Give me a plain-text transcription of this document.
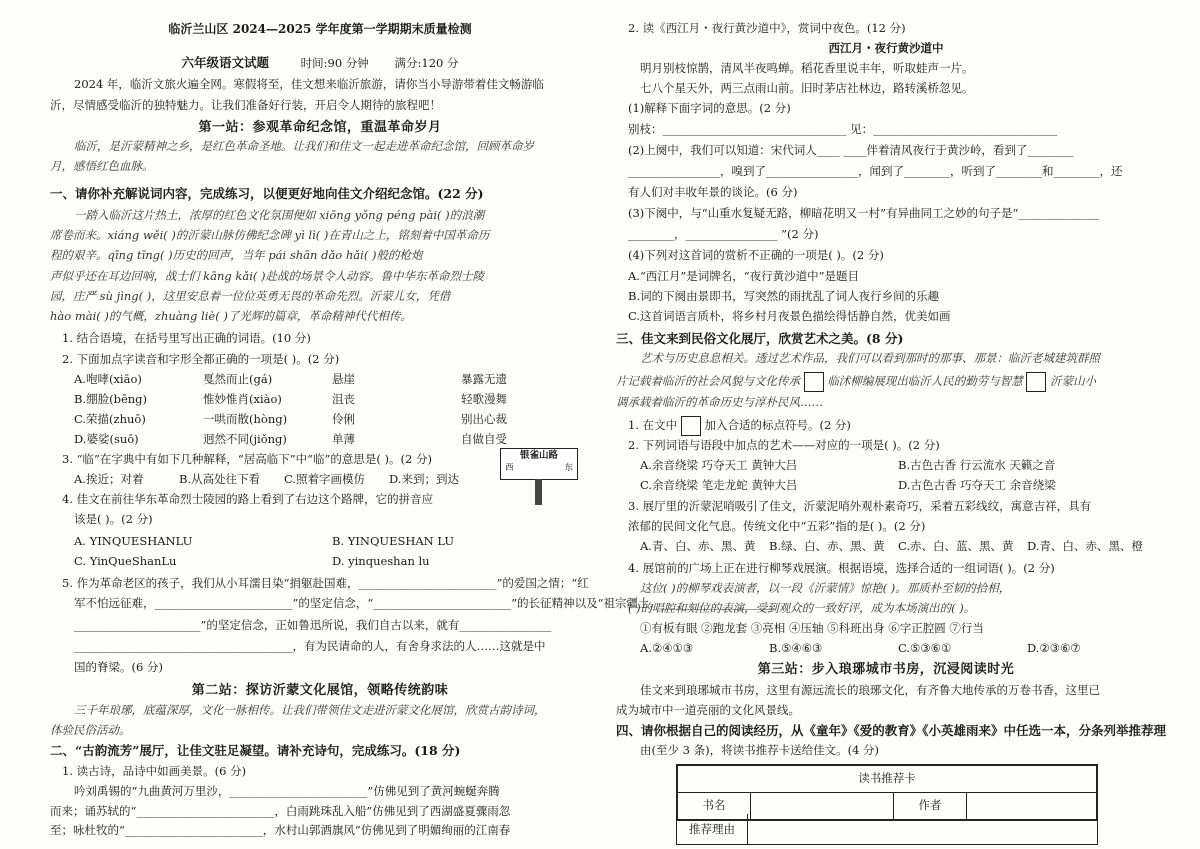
临沂兰山区 2024—2025 学年度第一学期期末质量检测
六年级语文试题	时间:90 分钟 满分:120 分
2024 年，临沂文旅火遍全网。寒假将至，佳文想来临沂旅游，请你当小导游带着佳文畅游临
沂，尽情感受临沂的独特魅力。让我们准备好行装，开启令人期待的旅程吧！
第一站：参观革命纪念馆，重温革命岁月
临沂，是沂蒙精神之乡，是红色革命圣地。让我们和佳文一起走进革命纪念馆，回顾革命岁
月，感悟红色血脉。
一、请你补充解说词内容，完成练习，以便更好地向佳文介绍纪念馆。(22 分)
一踏入临沂这片热土，浓厚的红色文化氛围便如 xiōng yǒng péng pài( )的浪潮
席卷而来。xiáng wěi( )的沂蒙山脉仿佛纪念碑 yì lì( )在青山之上，铭刻着中国革命历
程的艰辛。qīng tīng( )历史的回声，当年 pái shān dǎo hǎi( )般的枪炮
声似乎还在耳边回响，战士们 kāng kǎi( )赴战的场景令人动容。鲁中华东革命烈士陵
园，庄严 sù jìng( )，这里安息着一位位英勇无畏的革命先烈。沂蒙儿女，凭借
hào mài( )的气概，zhuàng liè( )了光辉的篇章，革命精神代代相传。
1. 结合语境，在括号里写出正确的词语。(10 分)
2. 下面加点字读音和字形全都正确的一项是( )。(2 分)
A.咆哮(xiāo)	戛然而止(gá)	悬崖	暴露无遗
B.绷脸(bēng)	惟妙惟肖(xiào)	沮丧	轻歌漫舞
C.荣描(zhuō)	一哄而散(hòng)	伶俐	别出心裁
D.婆娑(suō)	迥然不同(jiǒng)	单薄	自做自受
3. “临”在字典中有如下几种解释，“居高临下”中“临”的意思是( )。(2 分)
A.挨近；对着	B.从高处往下看	C.照着字画模仿	D.来到；到达
4. 佳文在前往华东革命烈士陵园的路上看到了右边这个路牌，它的拼音应
该是( )。(2 分)
银雀山路
西	东
A. YINQUESHANLU	B. YINQUESHAN LU
C. YinQueShanLu	D. yinqueshan lu
5. 作为革命老区的孩子，我们从小耳濡目染“捐躯赴国难，________________________”的爱国之情；“红
军不怕远征难，________________________”的坚定信念，“________________________”的长征精神以及“祖宗疆土，____________________
______________________”的坚定信念，正如鲁迅所说，我们自古以来，就有________________
______________________________________，有为民请命的人，有舍身求法的人……这就是中
国的脊梁。(6 分)
第二站：探访沂蒙文化展馆，领略传统韵味
三千年琅琊，底蕴深厚，文化一脉相传。让我们带领佳文走进沂蒙文化展馆，欣赏古韵诗词，
体验民俗活动。
二、“古韵流芳”展厅，让佳文驻足凝望。请补充诗句，完成练习。(18 分)
1. 读古诗，品诗中如画美景。(6 分)
吟刘禹锡的“九曲黄河万里沙，________________________”仿佛见到了黄河蜿蜒奔腾
而来；诵苏轼的“________________________，白雨跳珠乱入船”仿佛见到了西湖盛夏骤雨忽
至；咏杜牧的“________________________，水村山郭酒旗风”仿佛见到了明媚绚丽的江南春
2. 读《西江月・夜行黄沙道中》，赏词中夜色。(12 分)
西江月・夜行黄沙道中
明月别枝惊鹊，清风半夜鸣蝉。稻花香里说丰年，听取蛙声一片。
七八个星天外，两三点雨山前。旧时茅店社林边，路转溪桥忽见。
(1)解释下面字词的意思。(2 分)
别枝：________________________________ 见：________________________________
(2)上阕中，我们可以知道：宋代词人____ ____伴着清风夜行于黄沙岭，看到了________
________________，嗅到了________________，闻到了________，听到了________和________，还
有人们对丰收年景的谈论。(6 分)
(3)下阕中，与“山重水复疑无路，柳暗花明又一村”有异曲同工之妙的句子是“______________
________，________________ ”(2 分)
(4)下列对这首词的赏析不正确的一项是( )。(2 分)
A.“西江月”是词牌名，“夜行黄沙道中”是题目
B.词的下阕由景即书，写突然的雨扰乱了词人夜行乡间的乐趣
C.这首词语言质朴，将乡村月夜景色描绘得恬静自然，优美如画
三、佳文来到民俗文化展厅，欣赏艺术之美。(8 分)
艺术与历史息息相关。透过艺术作品，我们可以看到那时的那事、那景：临沂老城建筑群照
片记载着临沂的社会风貌与文化传承 临沭柳编展现出临沂人民的勤劳与智慧 沂蒙山小
调承载着临沂的革命历史与淳朴民风……
1. 在文中 加入合适的标点符号。(2 分)
2. 下列词语与语段中加点的艺术——对应的一项是( )。(2 分)
A.余音绕梁 巧夺天工 黄钟大吕	B.古色古香 行云流水 天籁之音
C.余音绕梁 笔走龙蛇 黄钟大吕	D.古色古香 巧夺天工 余音绕梁
3. 展厅里的沂蒙泥哨吸引了佳文，沂蒙泥哨外观朴素奇巧，采着五彩线纹，寓意吉祥，具有
浓郁的民间文化气息。传统文化中“五彩”指的是( )。(2 分)
A.青、白、赤、黑、黄	B.绿、白、赤、黑、黄	C.赤、白、蓝、黑、黄	D.青、白、赤、黑、橙
4. 展馆前的广场上正在进行柳琴戏展演。根据语境，选择合适的一组词语( )。(2 分)
这位( )的柳琴戏表演者，以一段《沂蒙情》惊艳( )。那质朴至韧的拾相，
( )的唱腔和刻位的表演，受到观众的一致好评，成为本场演出的( )。
①有板有眼 ②跑龙套 ③亮相 ④压轴 ⑤科班出身 ⑥字正腔圆 ⑦行当
A.②④①③	B.⑤④⑥③	C.⑤③⑥①	D.②③⑥⑦
第三站：步入琅琊城市书房，沉浸阅读时光
佳文来到琅琊城市书房，这里有源远流长的琅琊文化，有齐鲁大地传承的万卷书香，这里已
成为城市中一道亮丽的文化风景线。
四、请你根据自己的阅读经历，从《童年》《爱的教育》《小英雄雨来》中任选一本，分条列举推荐理
由(至少 3 条)，将读书推荐卡送给佳文。(4 分)
读书推荐卡
书名		作者	
推荐理由
